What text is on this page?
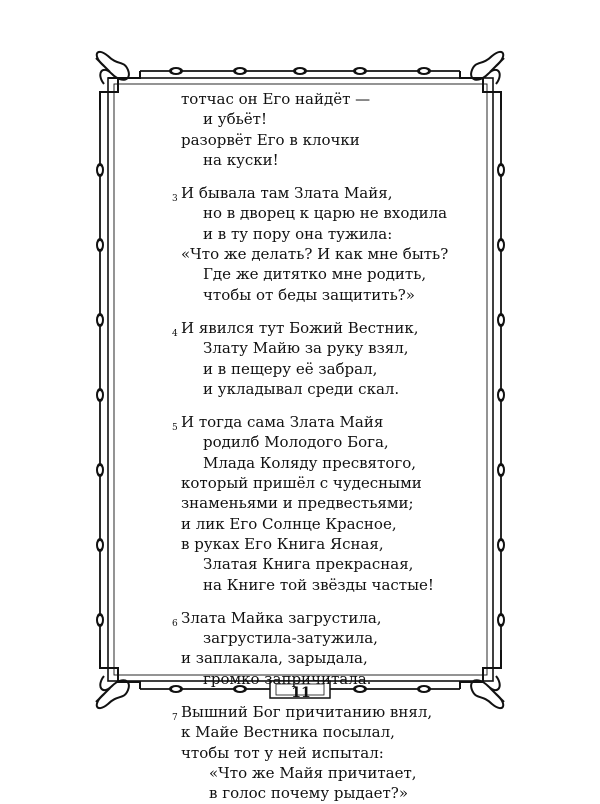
тотчас он Его найдёт —
и убьёт!
разорвёт Его в клочки
на куски!
3 И бывала там Злата Майя,
но в дворец к царю не входила
и в ту пору она тужила:
«Что же делать? И как мне быть?
Где же дитятко мне родить,
чтобы от беды защитить?»
4 И явился тут Божий Вестник,
Злату Майю за руку взял,
и в пещеру её забрал,
и укладывал среди скал.
5 И тогда сама Злата Майя
родилб Молодого Бога,
Млада Коляду пресвятого,
который пришёл с чудесными
знаменьями и предвестьями;
и лик Его Солнце Красное,
в руках Его Книга Ясная,
Златая Книга прекрасная,
на Книге той звёзды частые!
6 Злата Майка загрустила,
загрустила-затужила,
и заплакала, зарыдала,
громко запричитала.
7 Вышний Бог причитанию внял,
к Майе Вестника посылал,
чтобы тот у ней испытал:
«Что же Майя причитает,
в голос почему рыдает?»
11
